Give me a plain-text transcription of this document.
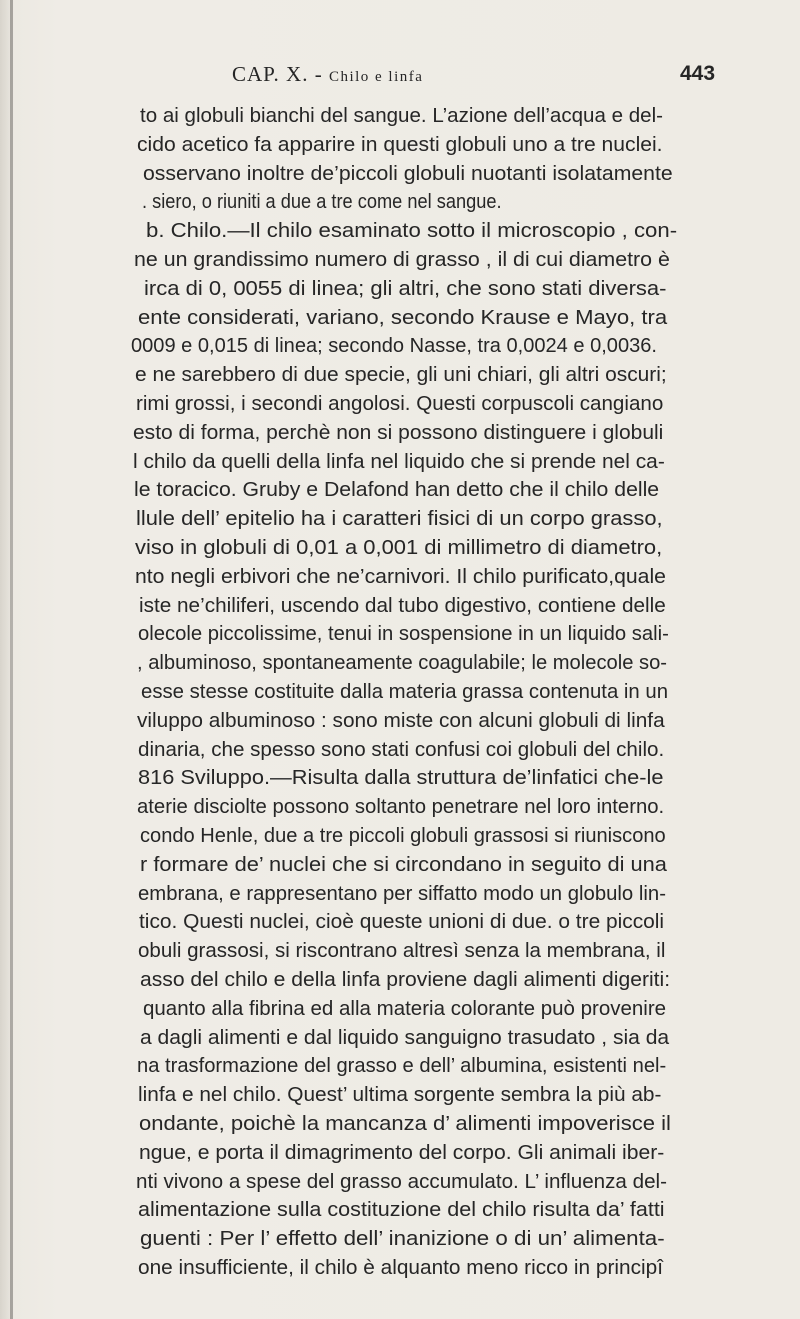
CAP. X. - Chilo e linfa	443
to ai globuli bianchi del sangue. L’azione dell’acqua e del-
cido acetico fa apparire in questi globuli uno a tre nuclei.
osservano inoltre de’piccoli globuli nuotanti isolatamente
. siero, o riuniti a due a tre come nel sangue.
b. Chilo.—Il chilo esaminato sotto il microscopio , con-
ne un grandissimo numero di grasso , il di cui diametro è
irca di 0, 0055 di linea; gli altri, che sono stati diversa-
ente considerati, variano, secondo Krause e Mayo, tra
0009 e 0,015 di linea; secondo Nasse, tra 0,0024 e 0,0036.
e ne sarebbero di due specie, gli uni chiari, gli altri oscuri;
rimi grossi, i secondi angolosi. Questi corpuscoli cangiano
esto di forma, perchè non si possono distinguere i globuli
l chilo da quelli della linfa nel liquido che si prende nel ca-
le toracico. Gruby e Delafond han detto che il chilo delle
llule dell’ epitelio ha i caratteri fisici di un corpo grasso,
viso in globuli di 0,01 a 0,001 di millimetro di diametro,
nto negli erbivori che ne’carnivori. Il chilo purificato,quale
iste ne’chiliferi, uscendo dal tubo digestivo, contiene delle
olecole piccolissime, tenui in sospensione in un liquido sali-
, albuminoso, spontaneamente coagulabile; le molecole so-
esse stesse costituite dalla materia grassa contenuta in un
viluppo albuminoso : sono miste con alcuni globuli di linfa
dinaria, che spesso sono stati confusi coi globuli del chilo.
816 Sviluppo.—Risulta dalla struttura de’linfatici che-le
aterie disciolte possono soltanto penetrare nel loro interno.
condo Henle, due a tre piccoli globuli grassosi si riuniscono
r formare de’ nuclei che si circondano in seguito di una
embrana, e rappresentano per siffatto modo un globulo lin-
tico. Questi nuclei, cioè queste unioni di due. o tre piccoli
obuli grassosi, si riscontrano altresì senza la membrana, il
asso del chilo e della linfa proviene dagli alimenti digeriti:
quanto alla fibrina ed alla materia colorante può provenire
a dagli alimenti e dal liquido sanguigno trasudato , sia da
na trasformazione del grasso e dell’ albumina, esistenti nel-
linfa e nel chilo. Quest’ ultima sorgente sembra la più ab-
ondante, poichè la mancanza d’ alimenti impoverisce il
ngue, e porta il dimagrimento del corpo. Gli animali iber-
nti vivono a spese del grasso accumulato. L’ influenza del-
alimentazione sulla costituzione del chilo risulta da’ fatti
guenti : Per l’ effetto dell’ inanizione o di un’ alimenta-
one insufficiente, il chilo è alquanto meno ricco in principî
